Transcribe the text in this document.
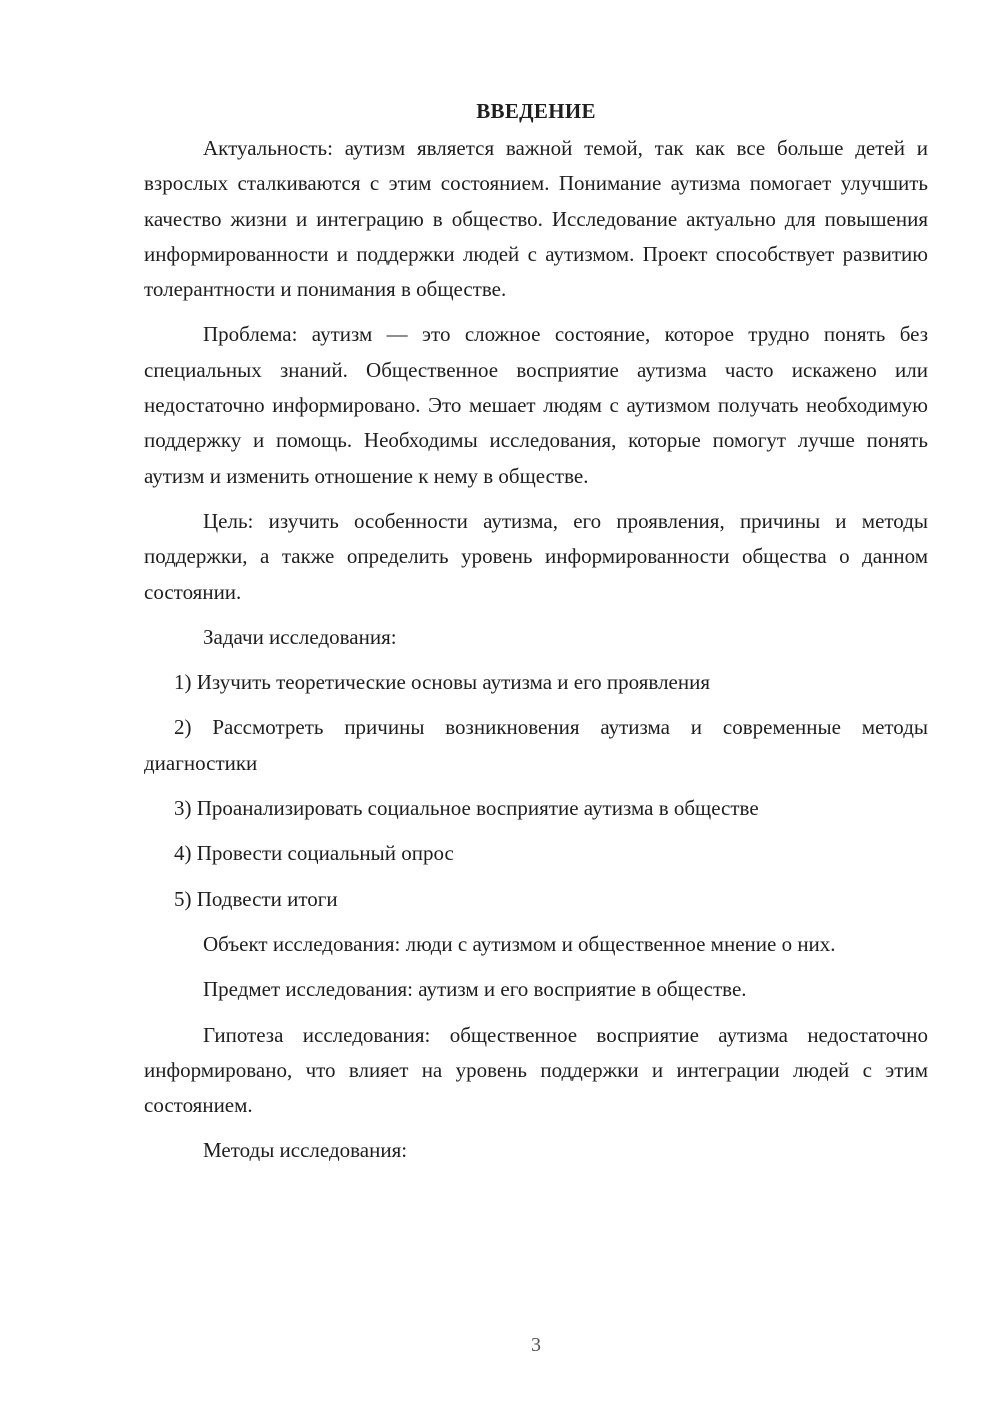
ВВЕДЕНИЕ

Актуальность: аутизм является важной темой, так как все больше детей и взрослых сталкиваются с этим состоянием. Понимание аутизма помогает улучшить качество жизни и интеграцию в общество. Исследование актуально для повышения информированности и поддержки людей с аутизмом. Проект способствует развитию толерантности и понимания в обществе.

Проблема: аутизм — это сложное состояние, которое трудно понять без специальных знаний. Общественное восприятие аутизма часто искажено или недостаточно информировано. Это мешает людям с аутизмом получать необходимую поддержку и помощь. Необходимы исследования, которые помогут лучше понять аутизм и изменить отношение к нему в обществе.

Цель: изучить особенности аутизма, его проявления, причины и методы поддержки, а также определить уровень информированности общества о данном состоянии.

Задачи исследования:

1) Изучить теоретические основы аутизма и его проявления

2) Рассмотреть причины возникновения аутизма и современные методы диагностики

3) Проанализировать социальное восприятие аутизма в обществе

4) Провести социальный опрос

5) Подвести итоги

Объект исследования: люди с аутизмом и общественное мнение о них.

Предмет исследования: аутизм и его восприятие в обществе.

Гипотеза исследования: общественное восприятие аутизма недостаточно информировано, что влияет на уровень поддержки и интеграции людей с этим состоянием.

Методы исследования:

3
